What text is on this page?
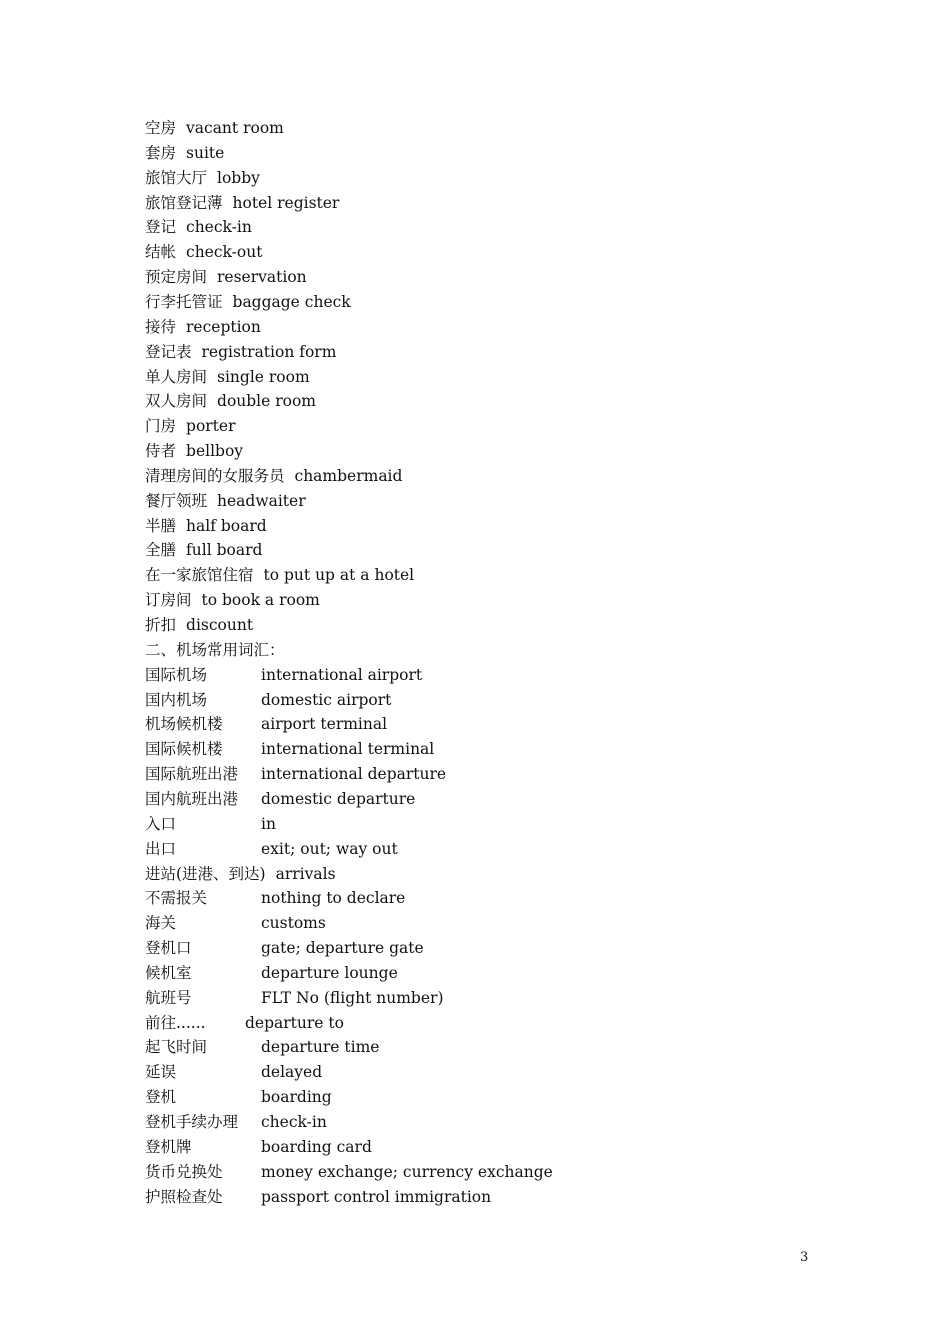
空房 vacant room
套房 suite
旅馆大厅 lobby
旅馆登记薄 hotel register
登记 check-in
结帐 check-out
预定房间 reservation
行李托管证 baggage check
接待 reception
登记表 registration form
单人房间 single room
双人房间 double room
门房 porter
侍者 bellboy
清理房间的女服务员 chambermaid
餐厅领班 headwaiter
半膳 half board
全膳 full board
在一家旅馆住宿 to put up at a hotel
订房间 to book a room
折扣 discount
二、机场常用词汇：
国际机场	international airport
国内机场	domestic airport
机场候机楼 airport terminal
国际候机楼 international terminal
国际航班出港 international departure
国内航班出港 domestic departure
入口	in
出口	exit; out; way out
进站(进港、到达) arrivals
不需报关	nothing to declare
海关	customs
登机口	gate; departure gate
候机室	departure lounge
航班号	FLT No (flight number)
前往......	departure to
起飞时间	departure time
延误	delayed
登机	boarding
登机手续办理 check-in
登机牌	boarding card
货币兑换处 money exchange; currency exchange
护照检查处 passport control immigration
3
